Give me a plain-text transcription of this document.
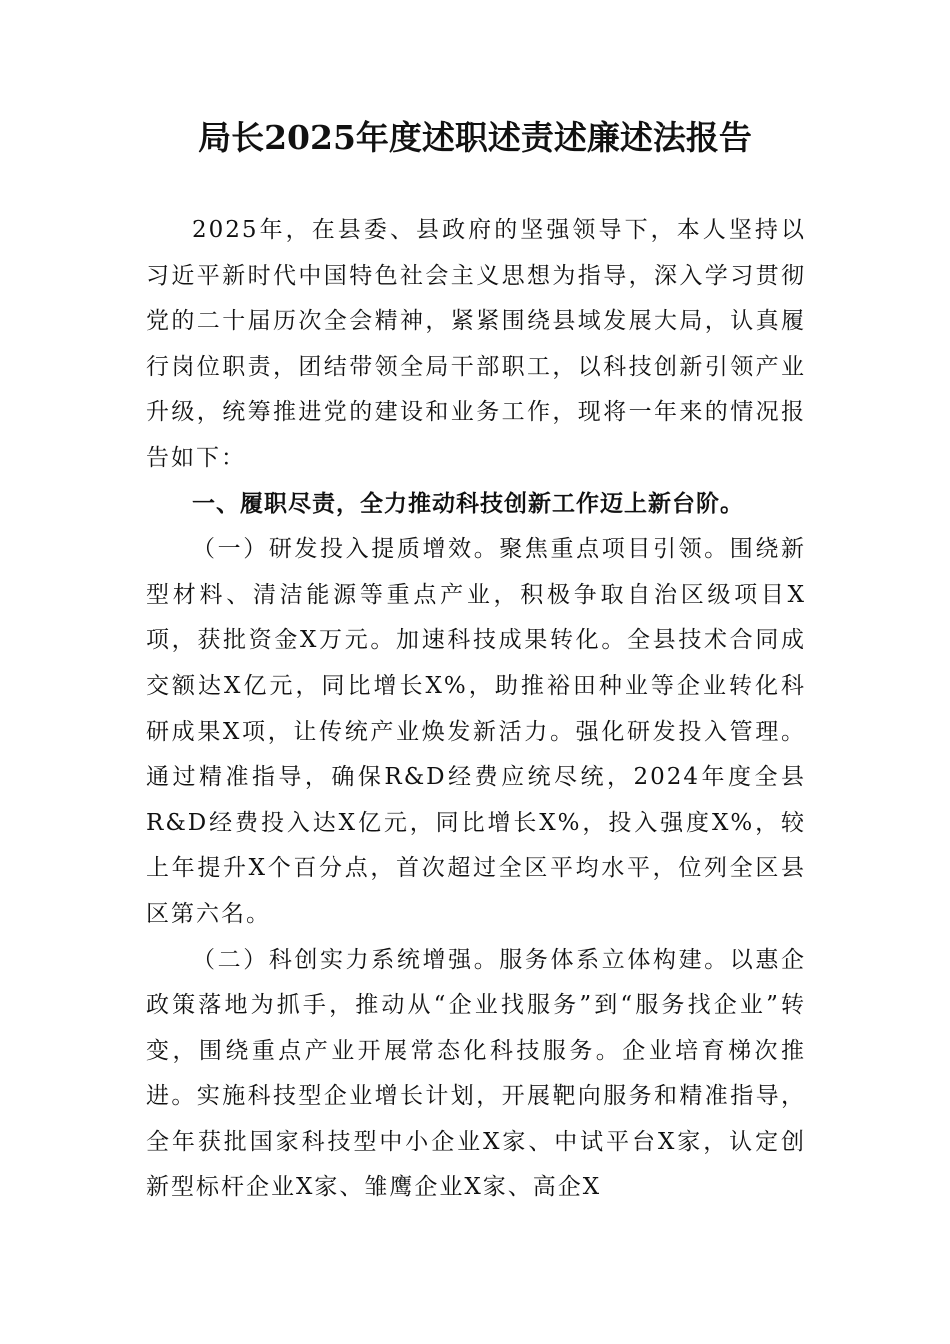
局长2025年度述职述责述廉述法报告

2025年，在县委、县政府的坚强领导下，本人坚持以习近平新时代中国特色社会主义思想为指导，深入学习贯彻党的二十届历次全会精神，紧紧围绕县域发展大局，认真履行岗位职责，团结带领全局干部职工，以科技创新引领产业升级，统筹推进党的建设和业务工作，现将一年来的情况报告如下：

一、履职尽责，全力推动科技创新工作迈上新台阶。

（一）研发投入提质增效。聚焦重点项目引领。围绕新型材料、清洁能源等重点产业，积极争取自治区级项目X项，获批资金X万元。加速科技成果转化。全县技术合同成交额达X亿元，同比增长X%，助推裕田种业等企业转化科研成果X项，让传统产业焕发新活力。强化研发投入管理。通过精准指导，确保R&D经费应统尽统，2024年度全县R&D经费投入达X亿元，同比增长X%，投入强度X%，较上年提升X个百分点，首次超过全区平均水平，位列全区县区第六名。

（二）科创实力系统增强。服务体系立体构建。以惠企政策落地为抓手，推动从“企业找服务”到“服务找企业”转变，围绕重点产业开展常态化科技服务。企业培育梯次推进。实施科技型企业增长计划，开展靶向服务和精准指导，全年获批国家科技型中小企业X家、中试平台X家，认定创新型标杆企业X家、雏鹰企业X家、高企X
